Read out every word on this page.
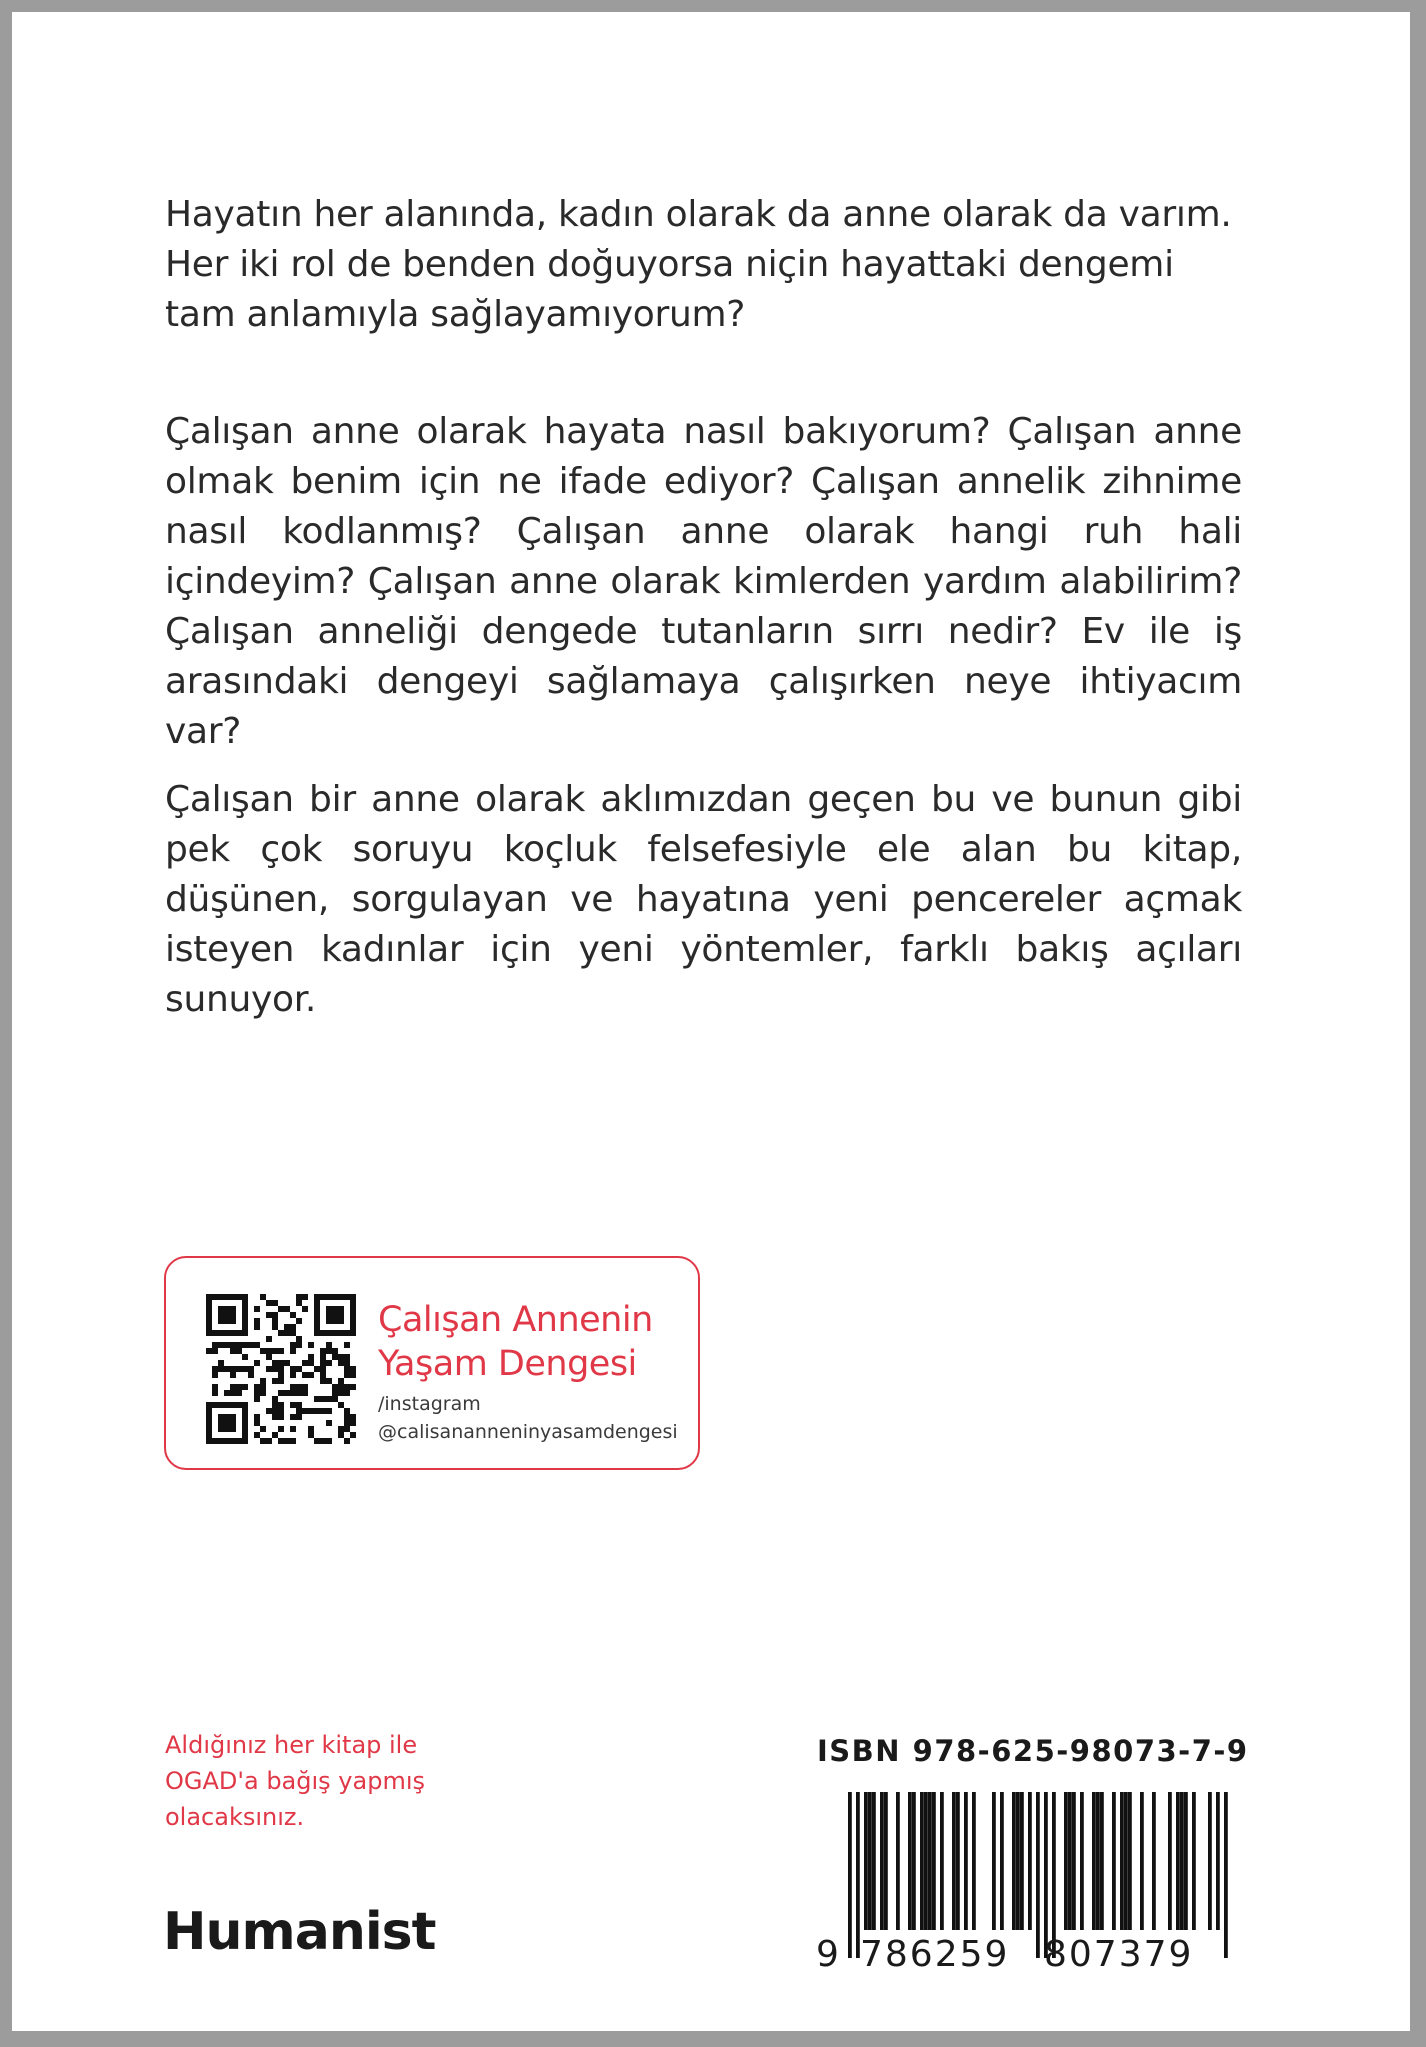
Hayatın her alanında, kadın olarak da anne olarak da varım. Her iki rol de benden doğuyorsa niçin hayattaki dengemi tam anlamıyla sağlayamıyorum?

Çalışan anne olarak hayata nasıl bakıyorum? Çalışan anne olmak benim için ne ifade ediyor? Çalışan annelik zihnime nasıl kodlanmış? Çalışan anne olarak hangi ruh hali içindeyim? Çalışan anne olarak kimlerden yardım alabilirim? Çalışan anneliği dengede tutanların sırrı nedir? Ev ile iş arasındaki dengeyi sağlamaya çalışırken neye ihtiyacım var?

Çalışan bir anne olarak aklımızdan geçen bu ve bunun gibi pek çok soruyu koçluk felsefesiyle ele alan bu kitap, düşünen, sorgulayan ve hayatına yeni pencereler açmak isteyen kadınlar için yeni yöntemler, farklı bakış açıları sunuyor.

Çalışan Annenin
Yaşam Dengesi
/instagram
@calisananneninyasamdengesi
Aldığınız her kitap ile
OGAD'a bağış yapmış
olacaksınız.
Humanist
ISBN 978-625-98073-7-9
9 786259 807379
